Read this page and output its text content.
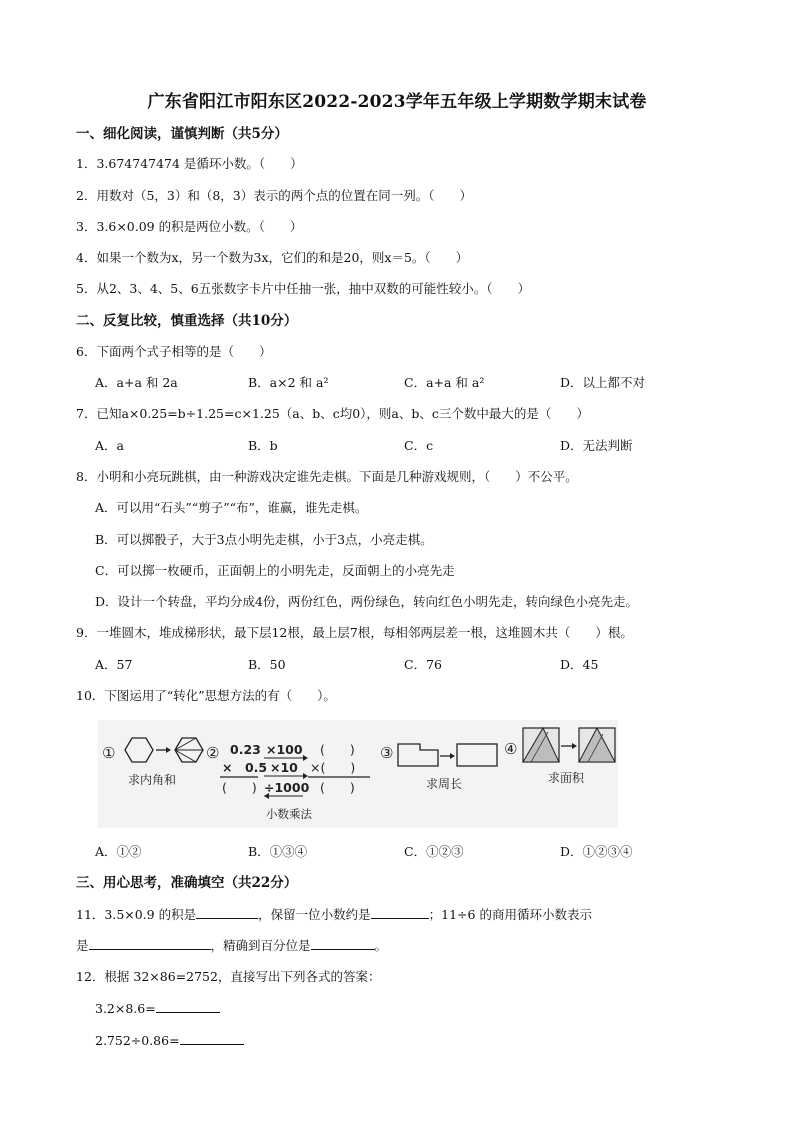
广东省阳江市阳东区2022-2023学年五年级上学期数学期末试卷
一、细化阅读，谨慎判断（共5分）
1．3.674747474 是循环小数。（　　）
2．用数对（5，3）和（8，3）表示的两个点的位置在同一列。（　　）
3．3.6×0.09 的积是两位小数。（　　）
4．如果一个数为x，另一个数为3x，它们的和是20，则x＝5。（　　）
5．从2、3、4、5、6五张数字卡片中任抽一张，抽中双数的可能性较小。（　　）
二、反复比较，慎重选择（共10分）
6．下面两个式子相等的是（　　）
A．a+a 和 2a	B．a×2 和 a²	C．a+a 和 a²	D．以上都不对
7．已知a×0.25=b÷1.25=c×1.25（a、b、c均0），则a、b、c三个数中最大的是（　　）
A．a	B．b	C．c	D．无法判断
8．小明和小亮玩跳棋，由一种游戏决定谁先走棋。下面是几种游戏规则，（　　）不公平。
A．可以用“石头”“剪子”“布”，谁赢，谁先走棋。
B．可以掷骰子，大于3点小明先走棋，小于3点，小亮走棋。
C．可以掷一枚硬币，正面朝上的小明先走，反面朝上的小亮先走
D．设计一个转盘，平均分成4份，两份红色，两份绿色，转向红色小明先走，转向绿色小亮先走。
9．一堆圆木，堆成梯形状，最下层12根，最上层7根，每相邻两层差一根，这堆圆木共（　　）根。
A．57	B．50	C．76	D．45
10．下图运用了“转化”思想方法的有（　　）。
①
求内角和
② 0.23 ×100 (　　)
×　0.5 ×10 ×(　　)
(　　) ÷1000 (　　)
小数乘法
③
求周长
④
求面积
A．①②	B．①③④	C．①②③	D．①②③④
三、用心思考，准确填空（共22分）
11．3.5×0.9 的积是	，保留一位小数约是	；11÷6 的商用循环小数表示
是	，精确到百分位是	。
12．根据 32×86=2752，直接写出下列各式的答案：
3.2×8.6=
2.752÷0.86=
